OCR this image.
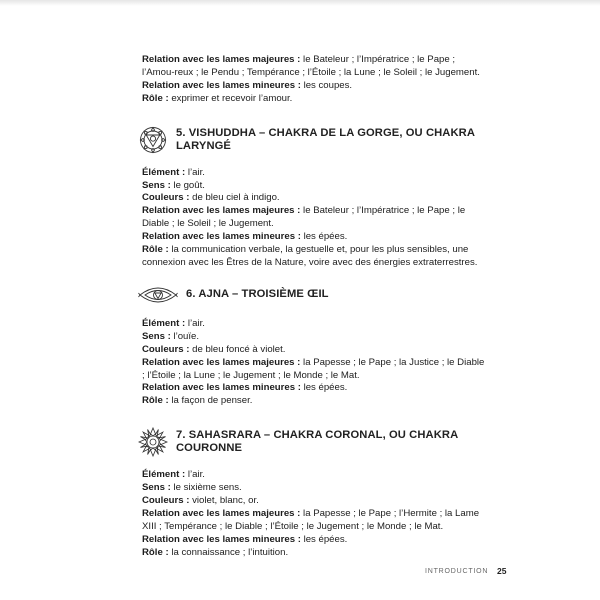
Relation avec les lames majeures : le Bateleur ; l’Impératrice ; le Pape ; l’Amou-reux ; le Pendu ; Tempérance ; l’Étoile ; la Lune ; le Soleil ; le Jugement.

Relation avec les lames mineures : les coupes.

Rôle : exprimer et recevoir l’amour.

5. VISHUDDHA – CHAKRA DE LA GORGE, OU CHAKRA LARYNGÉ

Élément : l’air.

Sens : le goût.

Couleurs : de bleu ciel à indigo.

Relation avec les lames majeures : le Bateleur ; l’Impératrice ; le Pape ; le Diable ; le Soleil ; le Jugement.

Relation avec les lames mineures : les épées.

Rôle : la communication verbale, la gestuelle et, pour les plus sensibles, une connexion avec les Êtres de la Nature, voire avec des énergies extraterrestres.

6. AJNA – TROISIÈME ŒIL

Élément : l’air.

Sens : l’ouïe.

Couleurs : de bleu foncé à violet.

Relation avec les lames majeures : la Papesse ; le Pape ; la Justice ; le Diable ; l’Étoile ; la Lune ; le Jugement ; le Monde ; le Mat.

Relation avec les lames mineures : les épées.

Rôle : la façon de penser.

7. SAHASRARA – CHAKRA CORONAL, OU CHAKRA COURONNE

Élément : l’air.

Sens : le sixième sens.

Couleurs : violet, blanc, or.

Relation avec les lames majeures : la Papesse ; le Pape ; l’Hermite ; la Lame XIII ; Tempérance ; le Diable ; l’Étoile ; le Jugement ; le Monde ; le Mat.

Relation avec les lames mineures : les épées.

Rôle : la connaissance ; l’intuition.

INTRODUCTION 25
